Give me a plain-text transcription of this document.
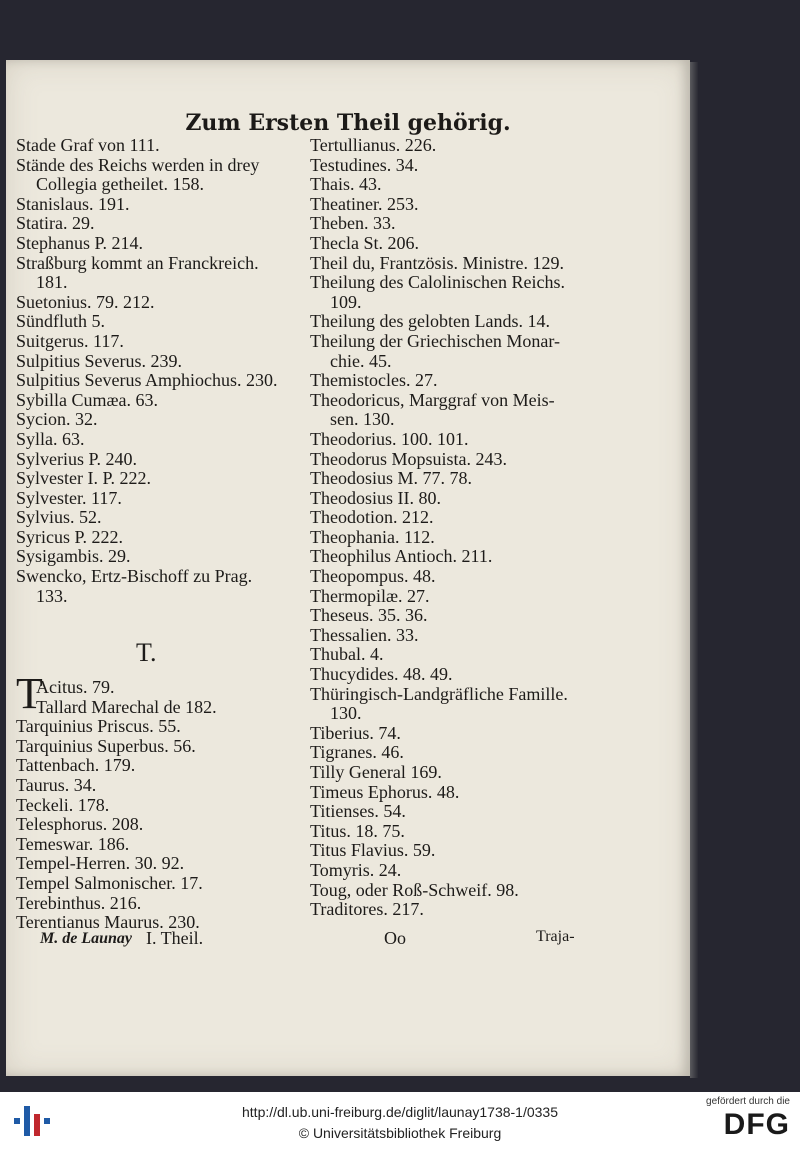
Zum Ersten Theil gehörig.
Stade Graf von 111.
Stände des Reichs werden in drey
Collegia getheilet. 158.
Stanislaus. 191.
Statira. 29.
Stephanus P. 214.
Straßburg kommt an Franckreich.
181.
Suetonius. 79. 212.
Sündfluth 5.
Suitgerus. 117.
Sulpitius Severus. 239.
Sulpitius Severus Amphiochus. 230.
Sybilla Cumæa. 63.
Sycion. 32.
Sylla. 63.
Sylverius P. 240.
Sylvester I. P. 222.
Sylvester. 117.
Sylvius. 52.
Syricus P. 222.
Sysigambis. 29.
Swencko, Ertz-Bischoff zu Prag.
133.
T.
T
Acitus. 79.
Tallard Marechal de 182.
Tarquinius Priscus. 55.
Tarquinius Superbus. 56.
Tattenbach. 179.
Taurus. 34.
Teckeli. 178.
Telesphorus. 208.
Temeswar. 186.
Tempel-Herren. 30. 92.
Tempel Salmonischer. 17.
Terebinthus. 216.
Terentianus Maurus. 230.
Tertullianus. 226.
Testudines. 34.
Thais. 43.
Theatiner. 253.
Theben. 33.
Thecla St. 206.
Theil du, Frantzösis. Ministre. 129.
Theilung des Calolinischen Reichs.
109.
Theilung des gelobten Lands. 14.
Theilung der Griechischen Monar-
chie. 45.
Themistocles. 27.
Theodoricus, Marggraf von Meis-
sen. 130.
Theodorius. 100. 101.
Theodorus Mopsuista. 243.
Theodosius M. 77. 78.
Theodosius II. 80.
Theodotion. 212.
Theophania. 112.
Theophilus Antioch. 211.
Theopompus. 48.
Thermopilæ. 27.
Theseus. 35. 36.
Thessalien. 33.
Thubal. 4.
Thucydides. 48. 49.
Thüringisch-Landgräfliche Famille.
130.
Tiberius. 74.
Tigranes. 46.
Tilly General 169.
Timeus Ephorus. 48.
Titienses. 54.
Titus. 18. 75.
Titus Flavius. 59.
Tomyris. 24.
Toug, oder Roß-Schweif. 98.
Traditores. 217.
M. de Launay I. Theil.	Oo	Traja-
http://dl.ub.uni-freiburg.de/diglit/launay1738-1/0335
© Universitätsbibliothek Freiburg
gefördert durch die
DFG
